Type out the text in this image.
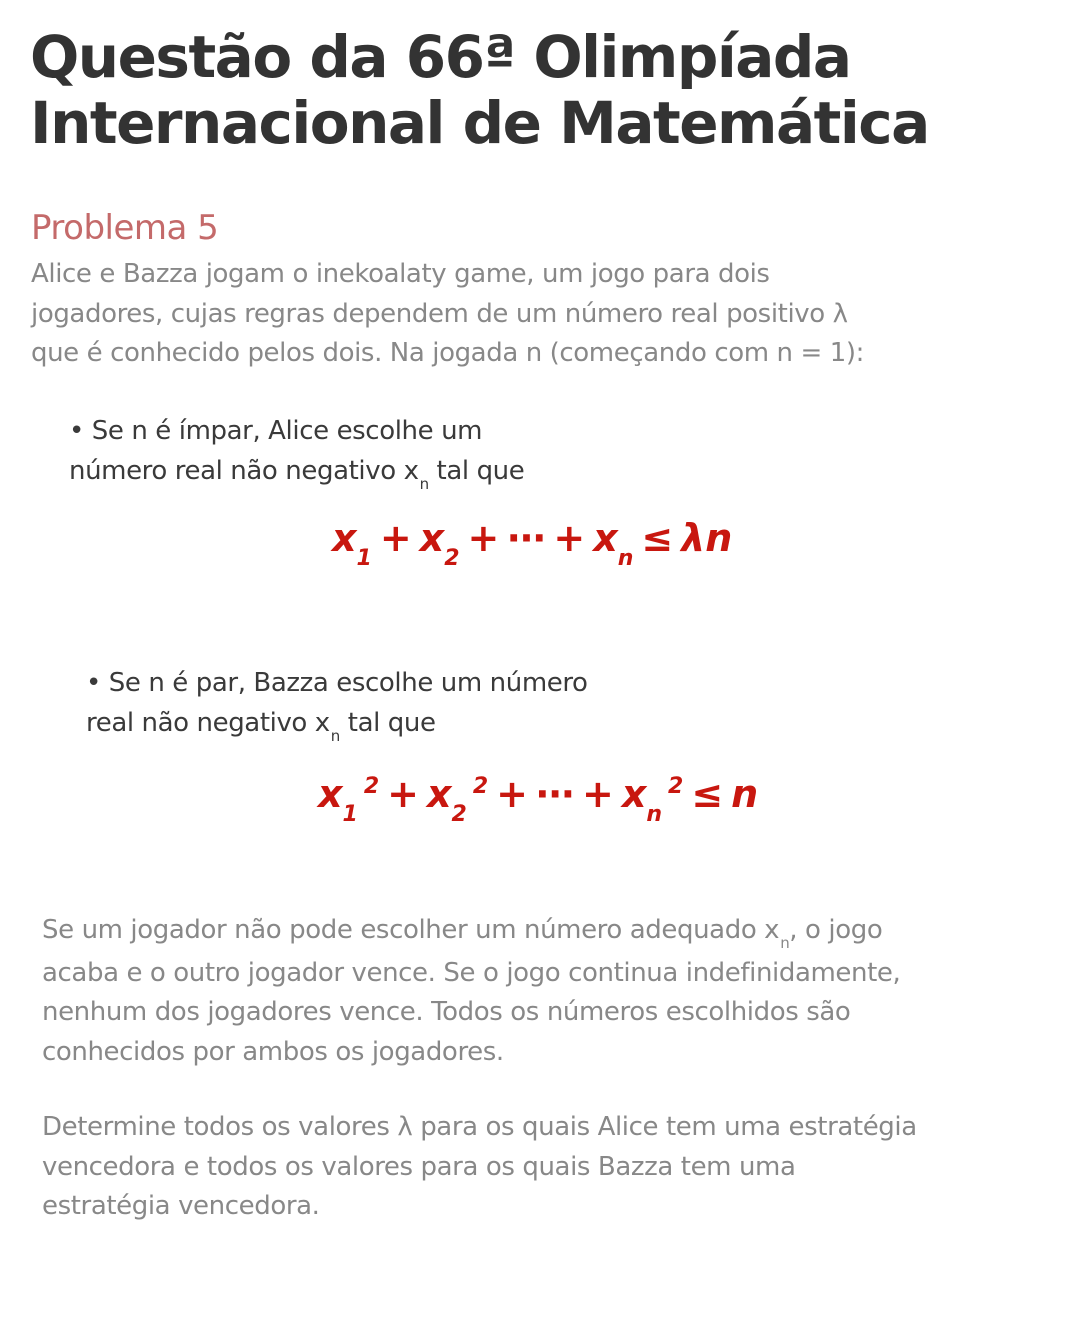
Questão da 66ª Olimpíada
Internacional de Matemática
Problema 5

Alice e Bazza jogam o inekoalaty game, um jogo para dois
jogadores, cujas regras dependem de um número real positivo λ
que é conhecido pelos dois. Na jogada n (começando com n = 1):

• Se n é ímpar, Alice escolhe um
número real não negativo $x_n$ tal que

$x_1 + x_2$ + ⋯ + $x_n \le \lambda n$

• Se n é par, Bazza escolhe um número
real não negativo $x_n$ tal que

$x_1^2 + x_2^2$ + ⋯ + $x_n^2 \le n$

Se um jogador não pode escolher um número adequado $x_n$, o jogo
acaba e o outro jogador vence. Se o jogo continua indefinidamente,
nenhum dos jogadores vence. Todos os números escolhidos são
conhecidos por ambos os jogadores.

Determine todos os valores λ para os quais Alice tem uma estratégia
vencedora e todos os valores para os quais Bazza tem uma
estratégia vencedora.
